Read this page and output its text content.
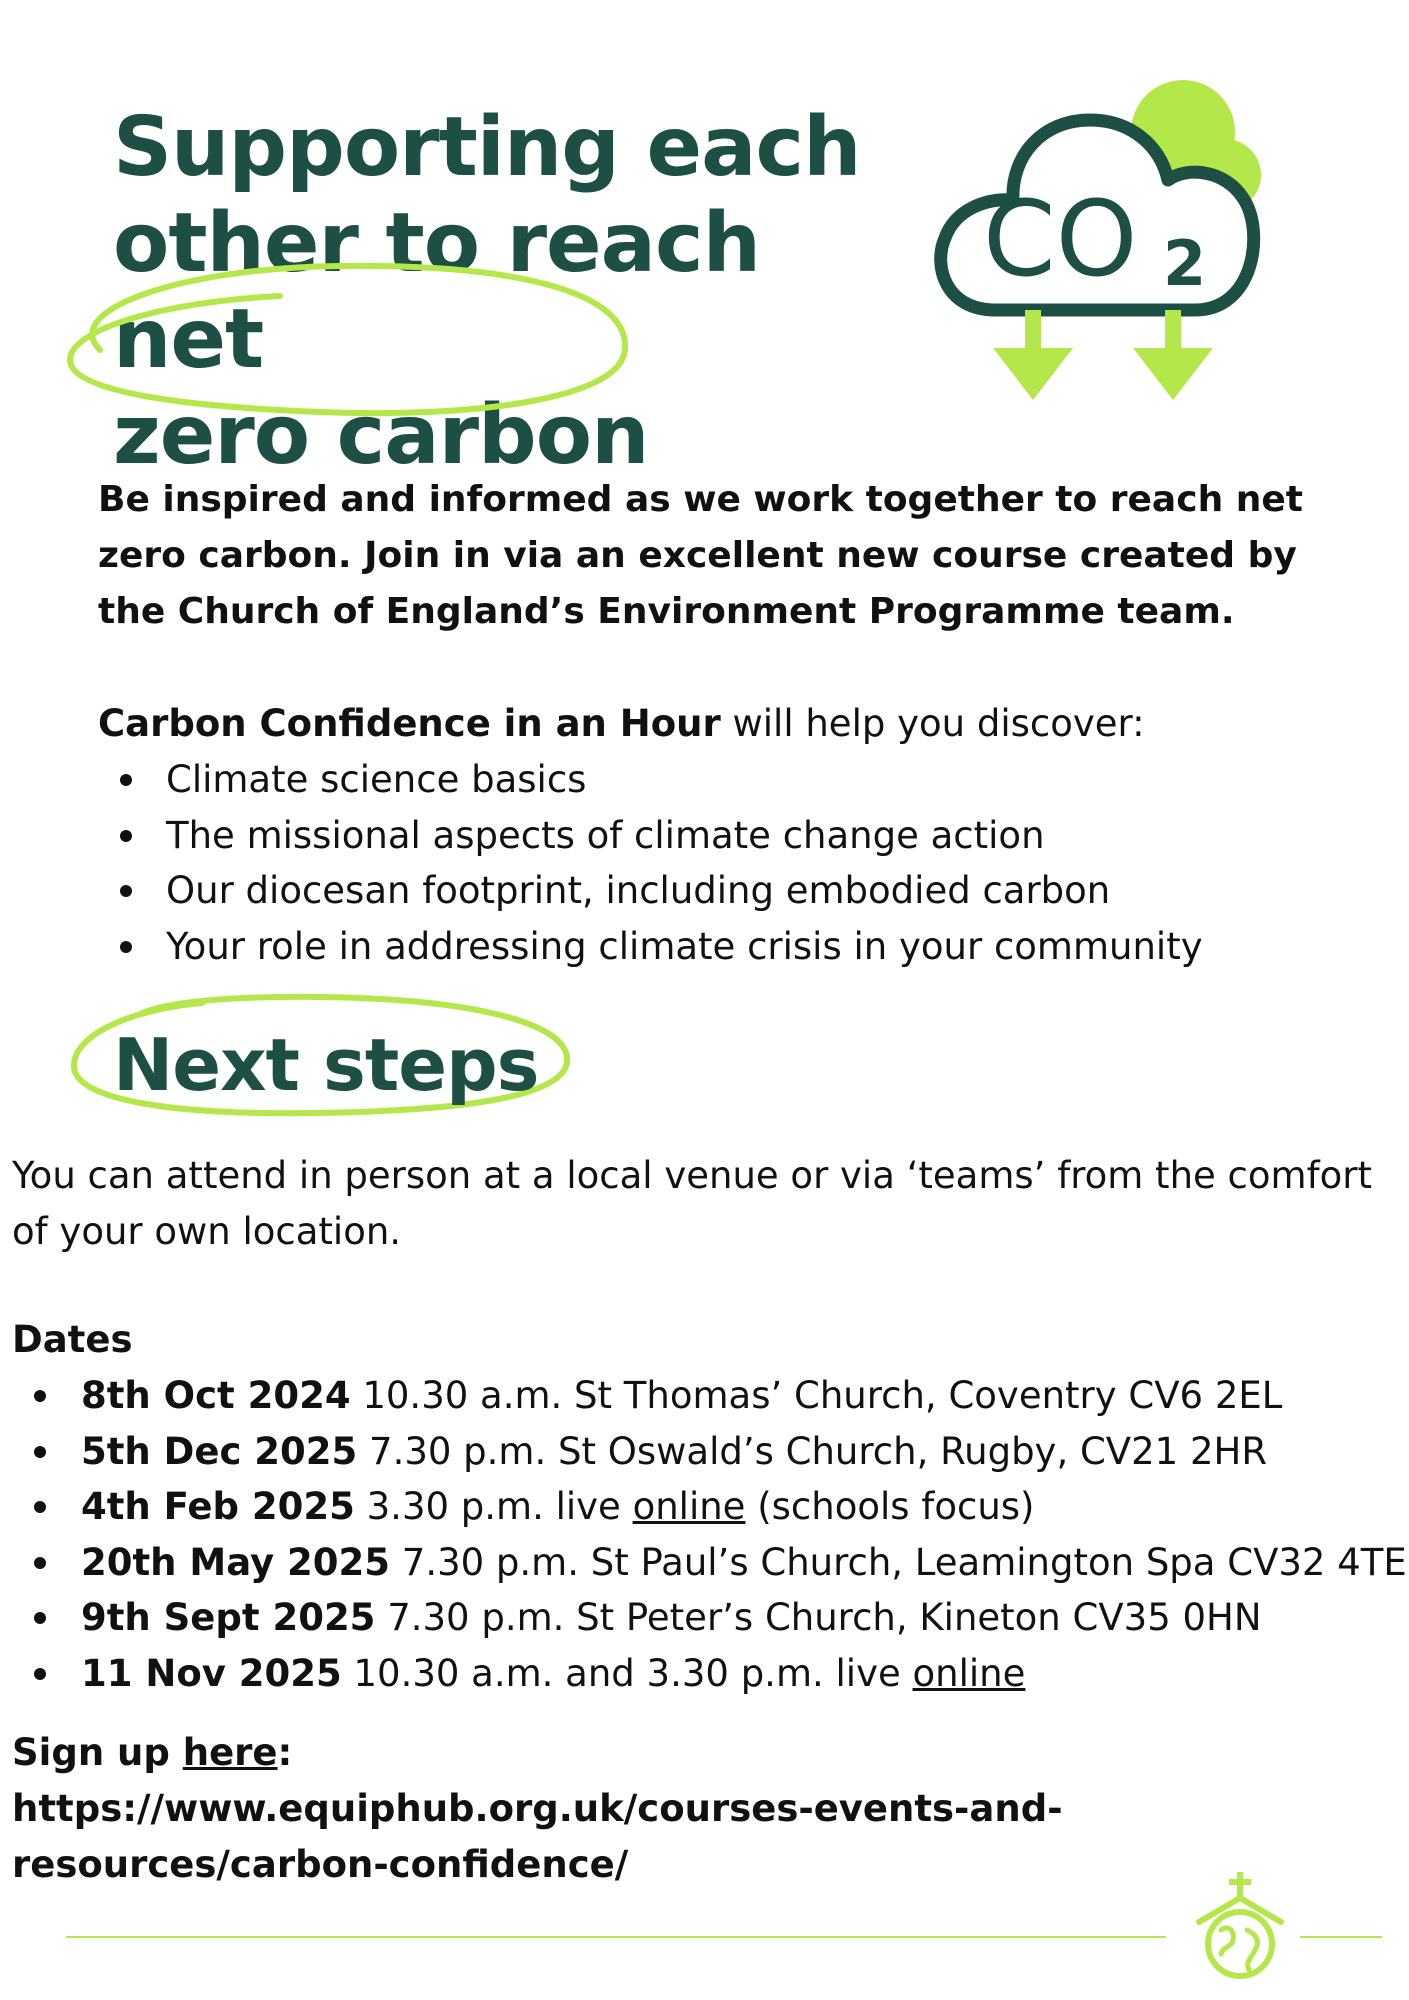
Supporting each
other to reach net
zero carbon
CO 2

Be inspired and informed as we work together to reach net zero carbon. Join in via an excellent new course created by the Church of England’s Environment Programme team.

Carbon Confidence in an Hour will help you discover:

Climate science basics
The missional aspects of climate change action
Our diocesan footprint, including embodied carbon
Your role in addressing climate crisis in your community
Next steps

You can attend in person at a local venue or via ‘teams’ from the comfort of your own location.

Dates

8th Oct 2024 10.30 a.m. St Thomas’ Church, Coventry CV6 2EL
5th Dec 2025 7.30 p.m. St Oswald’s Church, Rugby, CV21 2HR
4th Feb 2025 3.30 p.m. live online (schools focus)
20th May 2025 7.30 p.m. St Paul’s Church, Leamington Spa CV32 4TE
9th Sept 2025 7.30 p.m. St Peter’s Church, Kineton CV35 0HN
11 Nov 2025 10.30 a.m. and 3.30 p.m. live online
Sign up here:
https://www.equiphub.org.uk/courses-events-and-
resources/carbon-confidence/
